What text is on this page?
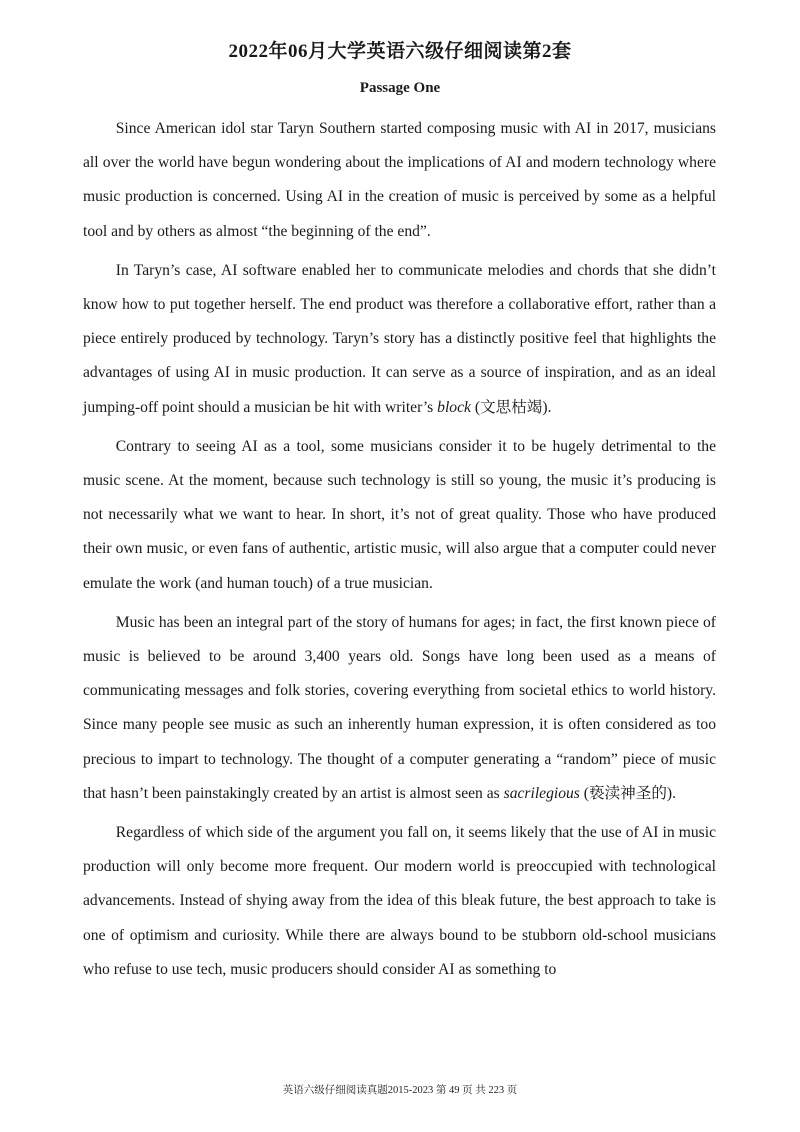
2022年06月大学英语六级仔细阅读第2套
Passage One

Since American idol star Taryn Southern started composing music with AI in 2017, musicians all over the world have begun wondering about the implications of AI and modern technology where music production is concerned. Using AI in the creation of music is perceived by some as a helpful tool and by others as almost “the beginning of the end”.

In Taryn’s case, AI software enabled her to communicate melodies and chords that she didn’t know how to put together herself. The end product was therefore a collaborative effort, rather than a piece entirely produced by technology. Taryn’s story has a distinctly positive feel that highlights the advantages of using AI in music production. It can serve as a source of inspiration, and as an ideal jumping-off point should a musician be hit with writer’s block (文思枯竭).

Contrary to seeing AI as a tool, some musicians consider it to be hugely detrimental to the music scene. At the moment, because such technology is still so young, the music it’s producing is not necessarily what we want to hear. In short, it’s not of great quality. Those who have produced their own music, or even fans of authentic, artistic music, will also argue that a computer could never emulate the work (and human touch) of a true musician.

Music has been an integral part of the story of humans for ages; in fact, the first known piece of music is believed to be around 3,400 years old. Songs have long been used as a means of communicating messages and folk stories, covering everything from societal ethics to world history. Since many people see music as such an inherently human expression, it is often considered as too precious to impart to technology. The thought of a computer generating a “random” piece of music that hasn’t been painstakingly created by an artist is almost seen as sacrilegious (亵渎神圣的).

Regardless of which side of the argument you fall on, it seems likely that the use of AI in music production will only become more frequent. Our modern world is preoccupied with technological advancements. Instead of shying away from the idea of this bleak future, the best approach to take is one of optimism and curiosity. While there are always bound to be stubborn old-school musicians who refuse to use tech, music producers should consider AI as something to

英语六级仔细阅读真题2015-2023 第 49 页 共 223 页
